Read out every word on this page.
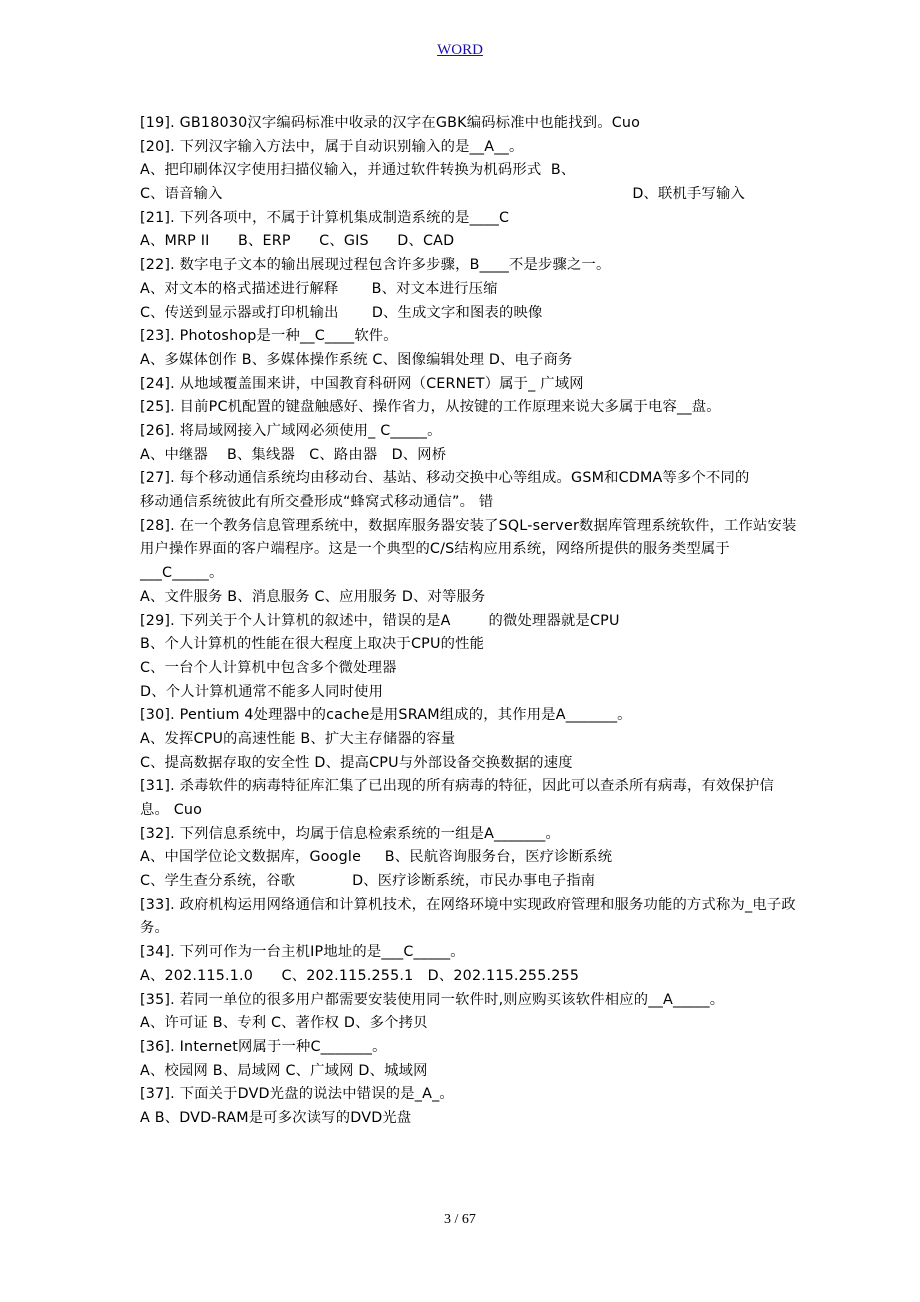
WORD
[19]. GB18030汉字编码标准中收录的汉字在GBK编码标准中也能找到。Cuo
[20]. 下列汉字输入方法中，属于自动识别输入的是__A__。
A、把印刷体汉字使用扫描仪输入，并通过软件转换为机码形式  B、
C、语音输入	D、联机手写输入
[21]. 下列各项中，不属于计算机集成制造系统的是____C
A、MRP II      B、ERP      C、GIS      D、CAD
[22]. 数字电子文本的输出展现过程包含许多步骤，B____不是步骤之一。
A、对文本的格式描述进行解释       B、对文本进行压缩
C、传送到显示器或打印机输出       D、生成文字和图表的映像
[23]. Photoshop是一种__C____软件。
A、多媒体创作 B、多媒体操作系统 C、图像编辑处理 D、电子商务
[24]. 从地域覆盖围来讲，中国教育科研网（CERNET）属于_ 广域网
[25]. 目前PC机配置的键盘触感好、操作省力，从按键的工作原理来说大多属于电容__盘。
[26]. 将局域网接入广域网必须使用_ C_____。
A、中继器    B、集线器   C、路由器   D、网桥
[27]. 每个移动通信系统均由移动台、基站、移动交换中心等组成。GSM和CDMA等多个不同的
移动通信系统彼此有所交叠形成“蜂窝式移动通信”。 错
[28]. 在一个教务信息管理系统中，数据库服务器安装了SQL-server数据库管理系统软件，工作站安装用户操作界面的客户端程序。这是一个典型的C/S结构应用系统，网络所提供的服务类型属于___C_____。
A、文件服务 B、消息服务 C、应用服务 D、对等服务
[29]. 下列关于个人计算机的叙述中，错误的是A        的微处理器就是CPU
B、个人计算机的性能在很大程度上取决于CPU的性能
C、一台个人计算机中包含多个微处理器
D、个人计算机通常不能多人同时使用
[30]. Pentium 4处理器中的cache是用SRAM组成的，其作用是A_______。
A、发挥CPU的高速性能 B、扩大主存储器的容量
C、提高数据存取的安全性 D、提高CPU与外部设备交换数据的速度
[31]. 杀毒软件的病毒特征库汇集了已出现的所有病毒的特征，因此可以查杀所有病毒，有效保护信息。 Cuo
[32]. 下列信息系统中，均属于信息检索系统的一组是A_______。
A、中国学位论文数据库，Google     B、民航咨询服务台，医疗诊断系统
C、学生查分系统，谷歌            D、医疗诊断系统，市民办事电子指南
[33]. 政府机构运用网络通信和计算机技术，在网络环境中实现政府管理和服务功能的方式称为_电子政务。
[34]. 下列可作为一台主机IP地址的是___C_____。
A、202.115.1.0      C、202.115.255.1   D、202.115.255.255
[35]. 若同一单位的很多用户都需要安装使用同一软件时,则应购买该软件相应的__A_____。
A、许可证 B、专利 C、著作权 D、多个拷贝
[36]. Internet网属于一种C_______。
A、校园网 B、局域网 C、广域网 D、城域网
[37]. 下面关于DVD光盘的说法中错误的是_A_。
A B、DVD-RAM是可多次读写的DVD光盘
3 / 67
